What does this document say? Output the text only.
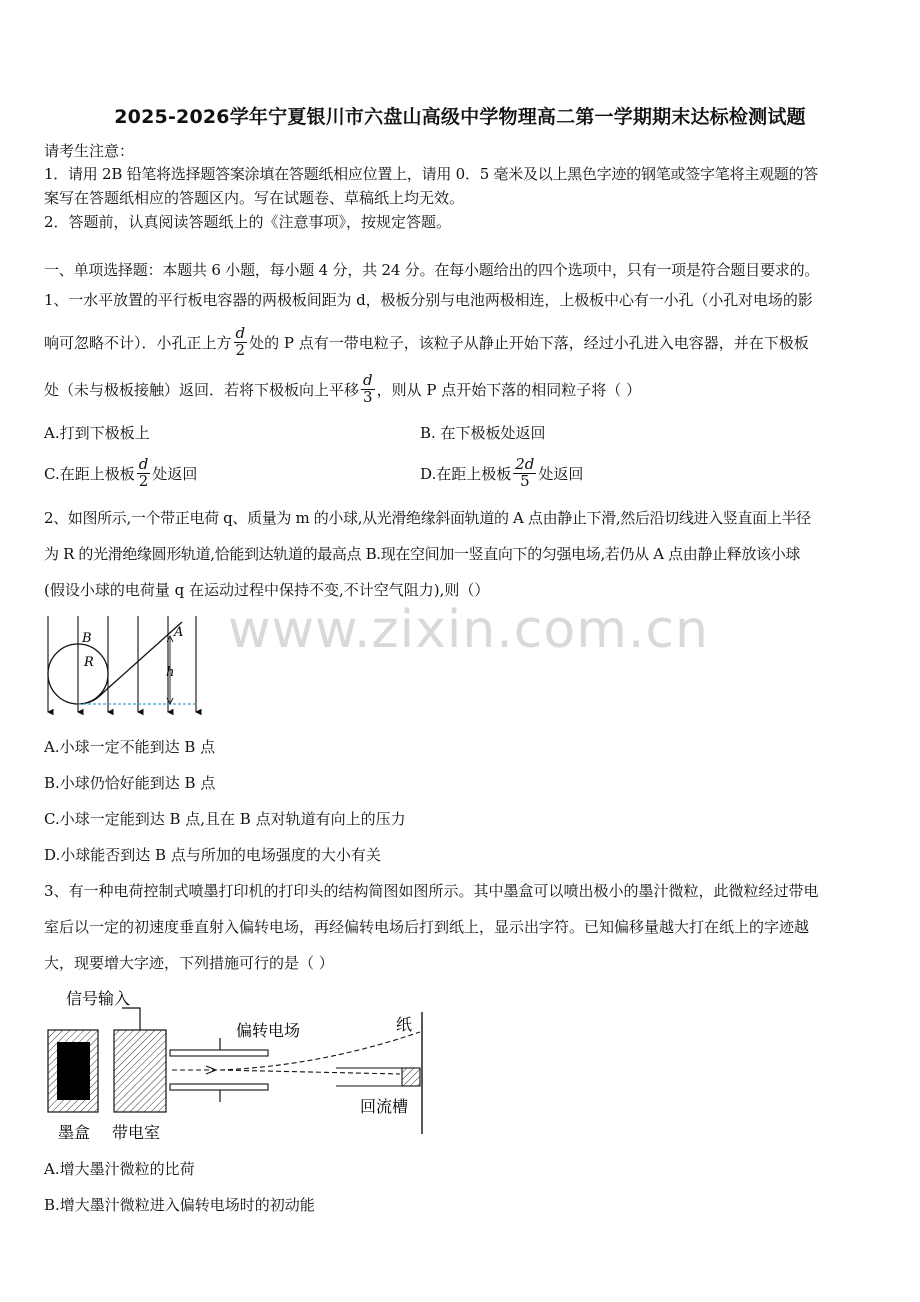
www.zixin.com.cn
2025-2026学年宁夏银川市六盘山高级中学物理高二第一学期期末达标检测试题
请考生注意：
1．请用 2B 铅笔将选择题答案涂填在答题纸相应位置上，请用 0．5 毫米及以上黑色字迹的钢笔或签字笔将主观题的答
案写在答题纸相应的答题区内。写在试题卷、草稿纸上均无效。
2．答题前，认真阅读答题纸上的《注意事项》，按规定答题。
一、单项选择题：本题共 6 小题，每小题 4 分，共 24 分。在每小题给出的四个选项中，只有一项是符合题目要求的。
1、一水平放置的平行板电容器的两极板间距为 d，极板分别与电池两极相连，上极板中心有一小孔（小孔对电场的影
响可忽略不计）．小孔正上方 $\frac{d}{2}$ 处的 P 点有一带电粒子，该粒子从静止开始下落，经过小孔进入电容器，并在下极板
处（未与极板接触）返回．若将下极板向上平移 $\frac{d}{3}$ ，则从 P 点开始下落的相同粒子将（ ）
A.打到下极板上	B. 在下极板处返回
C.在距上极板 $\frac{d}{2}$ 处返回	D.在距上极板 $\frac{2d}{5}$ 处返回
2、如图所示,一个带正电荷 q、质量为 m 的小球,从光滑绝缘斜面轨道的 A 点由静止下滑,然后沿切线进入竖直面上半径
为 R 的光滑绝缘圆形轨道,恰能到达轨道的最高点 B.现在空间加一竖直向下的匀强电场,若仍从 A 点由静止释放该小球
(假设小球的电荷量 q 在运动过程中保持不变,不计空气阻力),则（）
B
R
A
h
A.小球一定不能到达 B 点
B.小球仍恰好能到达 B 点
C.小球一定能到达 B 点,且在 B 点对轨道有向上的压力
D.小球能否到达 B 点与所加的电场强度的大小有关
3、有一种电荷控制式喷墨打印机的打印头的结构简图如图所示。其中墨盒可以喷出极小的墨汁微粒，此微粒经过带电
室后以一定的初速度垂直射入偏转电场，再经偏转电场后打到纸上，显示出字符。已知偏移量越大打在纸上的字迹越
大，现要增大字迹，下列措施可行的是（ ）
信号输入
偏转电场	纸
墨盒 带电室
回流槽
A.增大墨汁微粒的比荷
B.增大墨汁微粒进入偏转电场时的初动能
